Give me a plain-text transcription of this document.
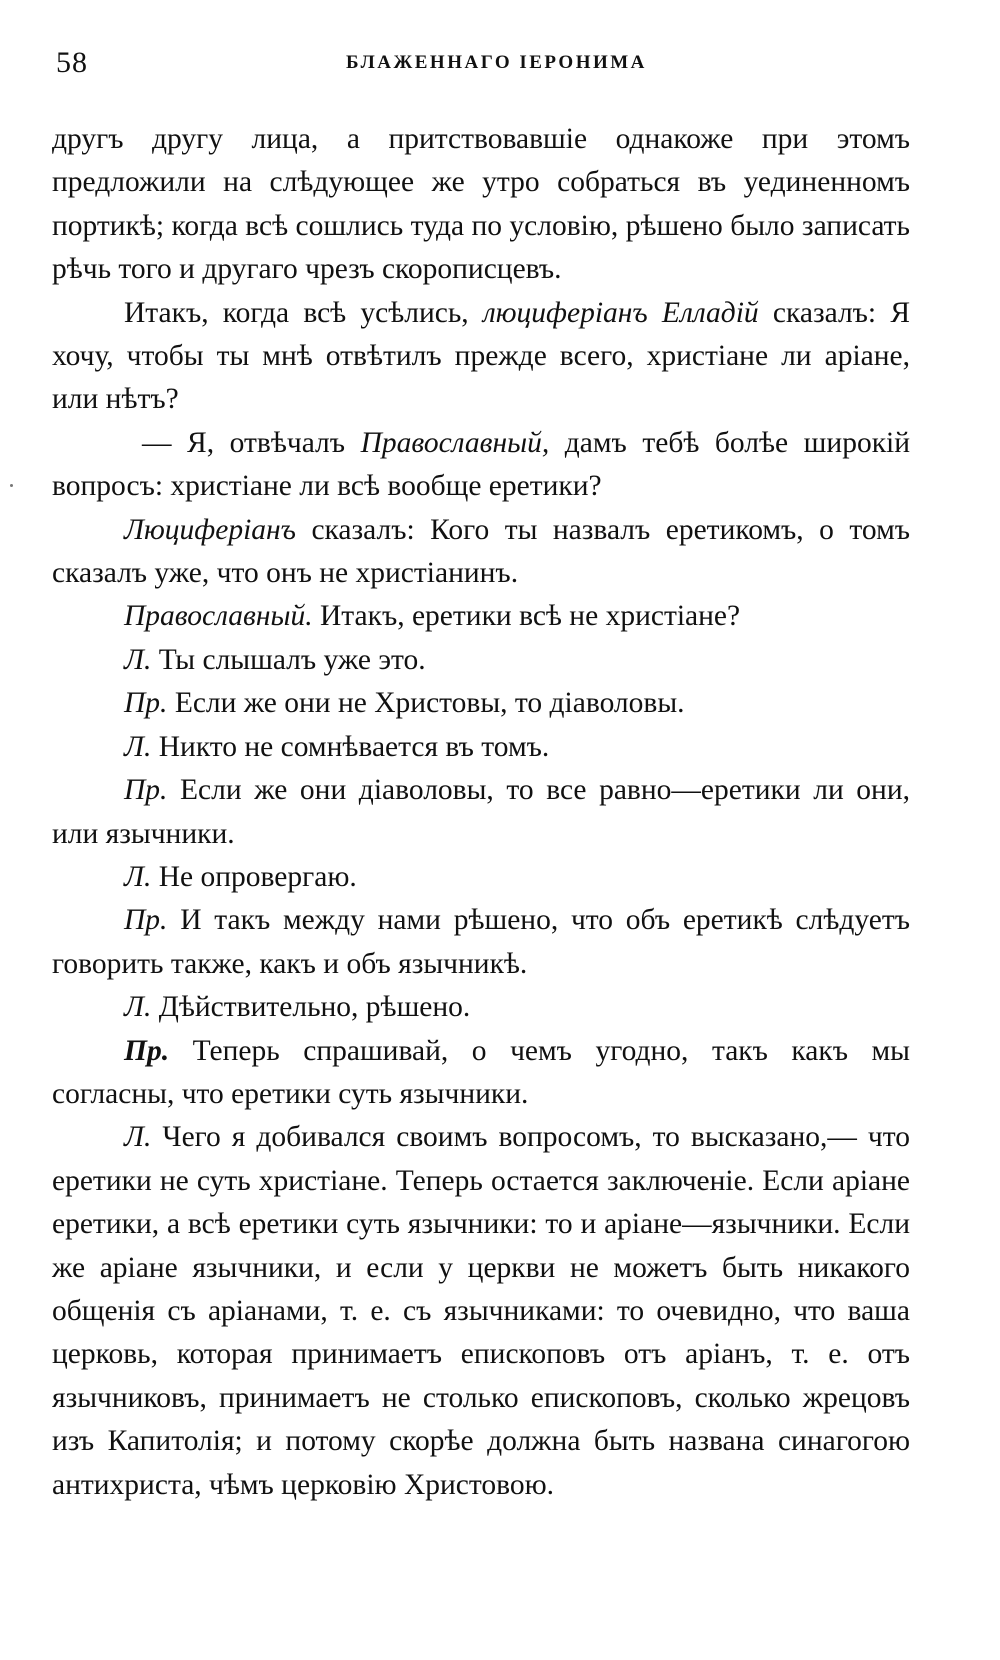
58	БЛАЖЕННАГО ІЕРОНИМА

другъ другу лица, а притствовавшіе однакоже при этомъ предложили на слѣдующее же утро собраться въ уединенномъ портикѣ; когда всѣ сошлись туда по условію, рѣшено было записать рѣчь того и другаго чрезъ скорописцевъ.

Итакъ, когда всѣ усѣлись, люциферіанъ Елладій сказалъ: Я хочу, чтобы ты мнѣ отвѣтилъ прежде всего, христіане ли аріане, или нѣтъ?

— Я, отвѣчалъ Православный, дамъ тебѣ болѣе широкій вопросъ: христіане ли всѣ вообще еретики?

Люциферіанъ сказалъ: Кого ты назвалъ еретикомъ, о томъ сказалъ уже, что онъ не христіанинъ.

Православный. Итакъ, еретики всѣ не христіане?

Л. Ты слышалъ уже это.

Пр. Если же они не Христовы, то діаволовы.

Л. Никто не сомнѣвается въ томъ.

Пр. Если же они діаволовы, то все равно—еретики ли они, или язычники.

Л. Не опровергаю.

Пр. И такъ между нами рѣшено, что объ еретикѣ слѣдуетъ говорить также, какъ и объ язычникѣ.

Л. Дѣйствительно, рѣшено.

Пр. Теперь спрашивай, о чемъ угодно, такъ какъ мы согласны, что еретики суть язычники.

Л. Чего я добивался своимъ вопросомъ, то высказано,— что еретики не суть христіане. Теперь остается заключеніе. Если аріане еретики, а всѣ еретики суть язычники: то и аріане—язычники. Если же аріане язычники, и если у церкви не можетъ быть никакого общенія съ аріанами, т. е. съ язычниками: то очевидно, что ваша церковь, которая принимаетъ епископовъ отъ аріанъ, т. е. отъ язычниковъ, принимаетъ не столько епископовъ, сколько жрецовъ изъ Капитолія; и потому скорѣе должна быть названа синагогою антихриста, чѣмъ церковію Христовою.
